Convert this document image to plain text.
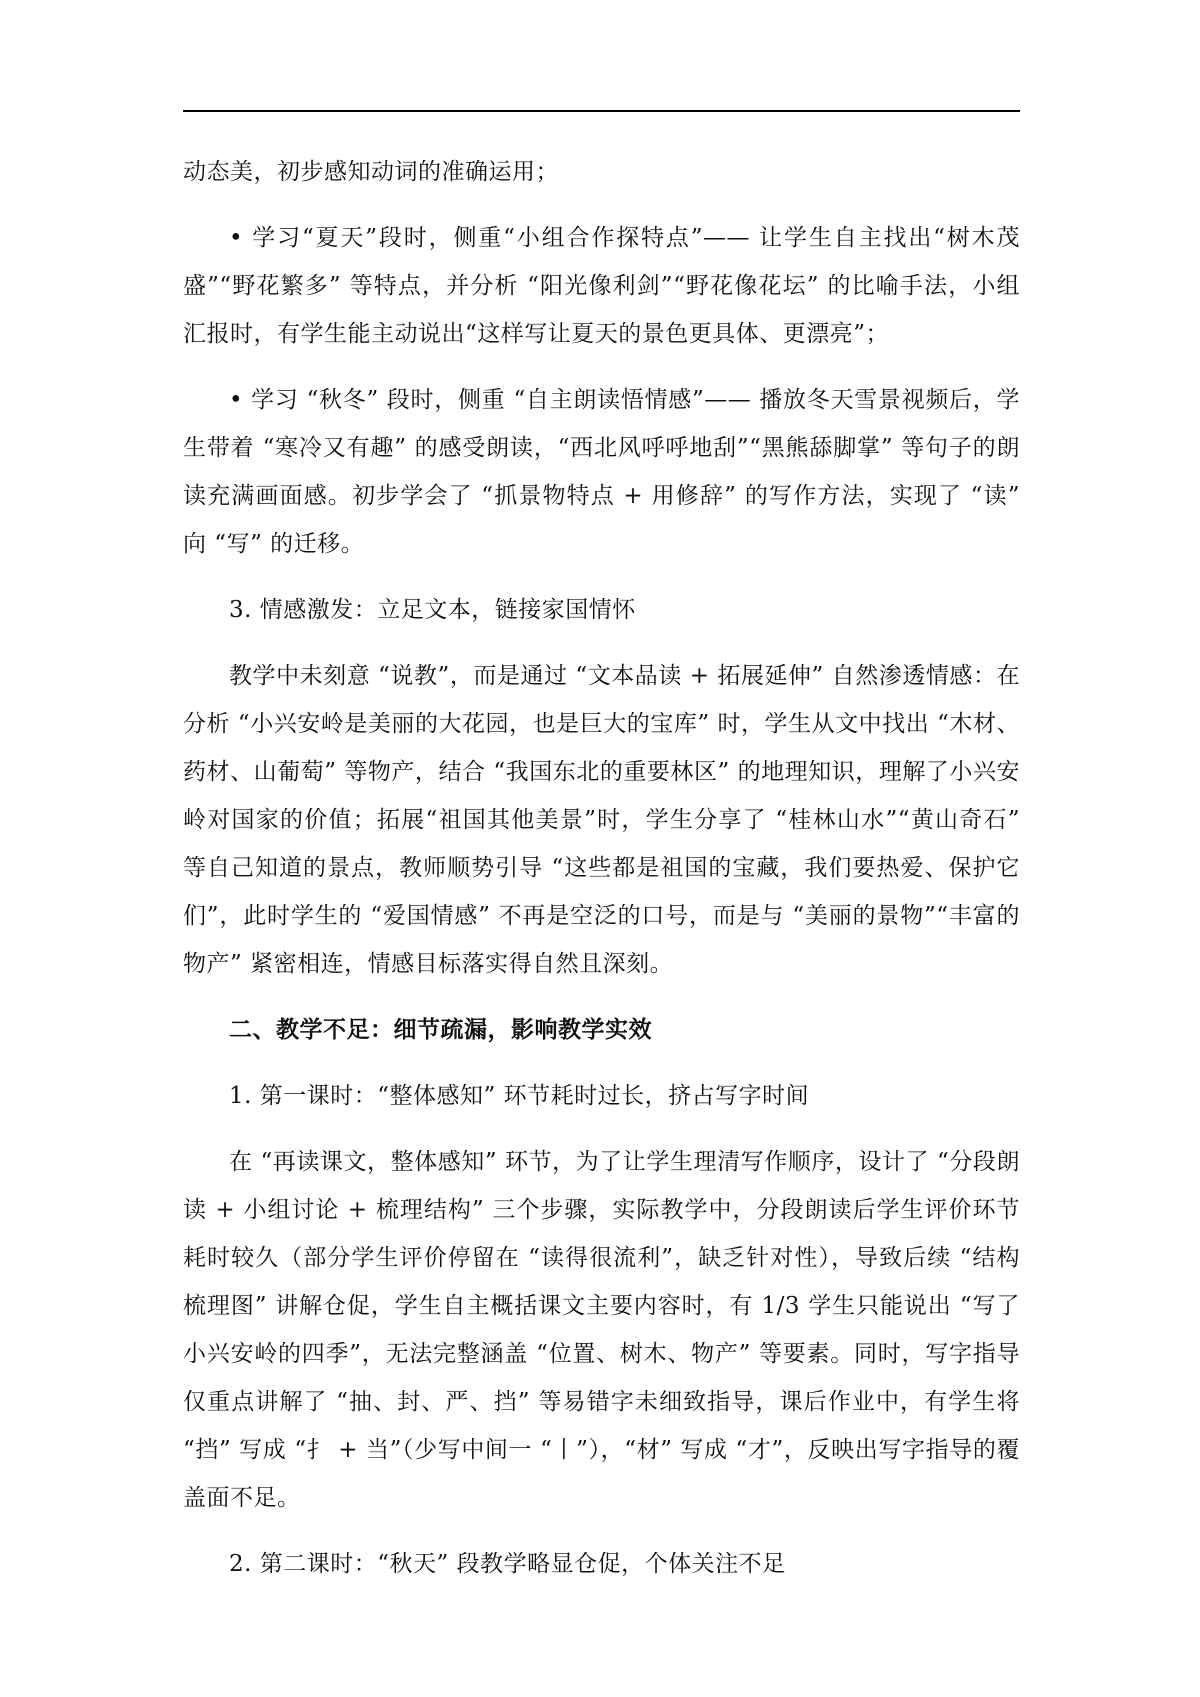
动态美，初步感知动词的准确运用；

• 学习“夏天”段时，侧重“小组合作探特点”—— 让学生自主找出“树木茂盛”“野花繁多” 等特点，并分析 “阳光像利剑”“野花像花坛” 的比喻手法，小组汇报时，有学生能主动说出“这样写让夏天的景色更具体、更漂亮”；

• 学习 “秋冬” 段时，侧重 “自主朗读悟情感”—— 播放冬天雪景视频后，学生带着 “寒冷又有趣” 的感受朗读，“西北风呼呼地刮”“黑熊舔脚掌” 等句子的朗读充满画面感。初步学会了 “抓景物特点 + 用修辞” 的写作方法，实现了 “读” 向 “写” 的迁移。

3. 情感激发：立足文本，链接家国情怀

教学中未刻意 “说教”，而是通过 “文本品读 + 拓展延伸” 自然渗透情感：在分析 “小兴安岭是美丽的大花园，也是巨大的宝库” 时，学生从文中找出 “木材、药材、山葡萄” 等物产，结合 “我国东北的重要林区” 的地理知识，理解了小兴安岭对国家的价值；拓展“祖国其他美景”时，学生分享了 “桂林山水”“黄山奇石” 等自己知道的景点，教师顺势引导 “这些都是祖国的宝藏，我们要热爱、保护它们”，此时学生的 “爱国情感” 不再是空泛的口号，而是与 “美丽的景物”“丰富的物产” 紧密相连，情感目标落实得自然且深刻。

二、教学不足：细节疏漏，影响教学实效

1. 第一课时：“整体感知” 环节耗时过长，挤占写字时间

在 “再读课文，整体感知” 环节，为了让学生理清写作顺序，设计了 “分段朗读 + 小组讨论 + 梳理结构” 三个步骤，实际教学中，分段朗读后学生评价环节耗时较久（部分学生评价停留在 “读得很流利”，缺乏针对性），导致后续 “结构梳理图” 讲解仓促，学生自主概括课文主要内容时，有 1/3 学生只能说出 “写了小兴安岭的四季”，无法完整涵盖 “位置、树木、物产” 等要素。同时，写字指导仅重点讲解了 “抽、封、严、挡” 等易错字未细致指导，课后作业中，有学生将 “挡” 写成 “扌 + 当”（少写中间一 “丨”），“材” 写成 “才”，反映出写字指导的覆盖面不足。

2. 第二课时：“秋天” 段教学略显仓促，个体关注不足
